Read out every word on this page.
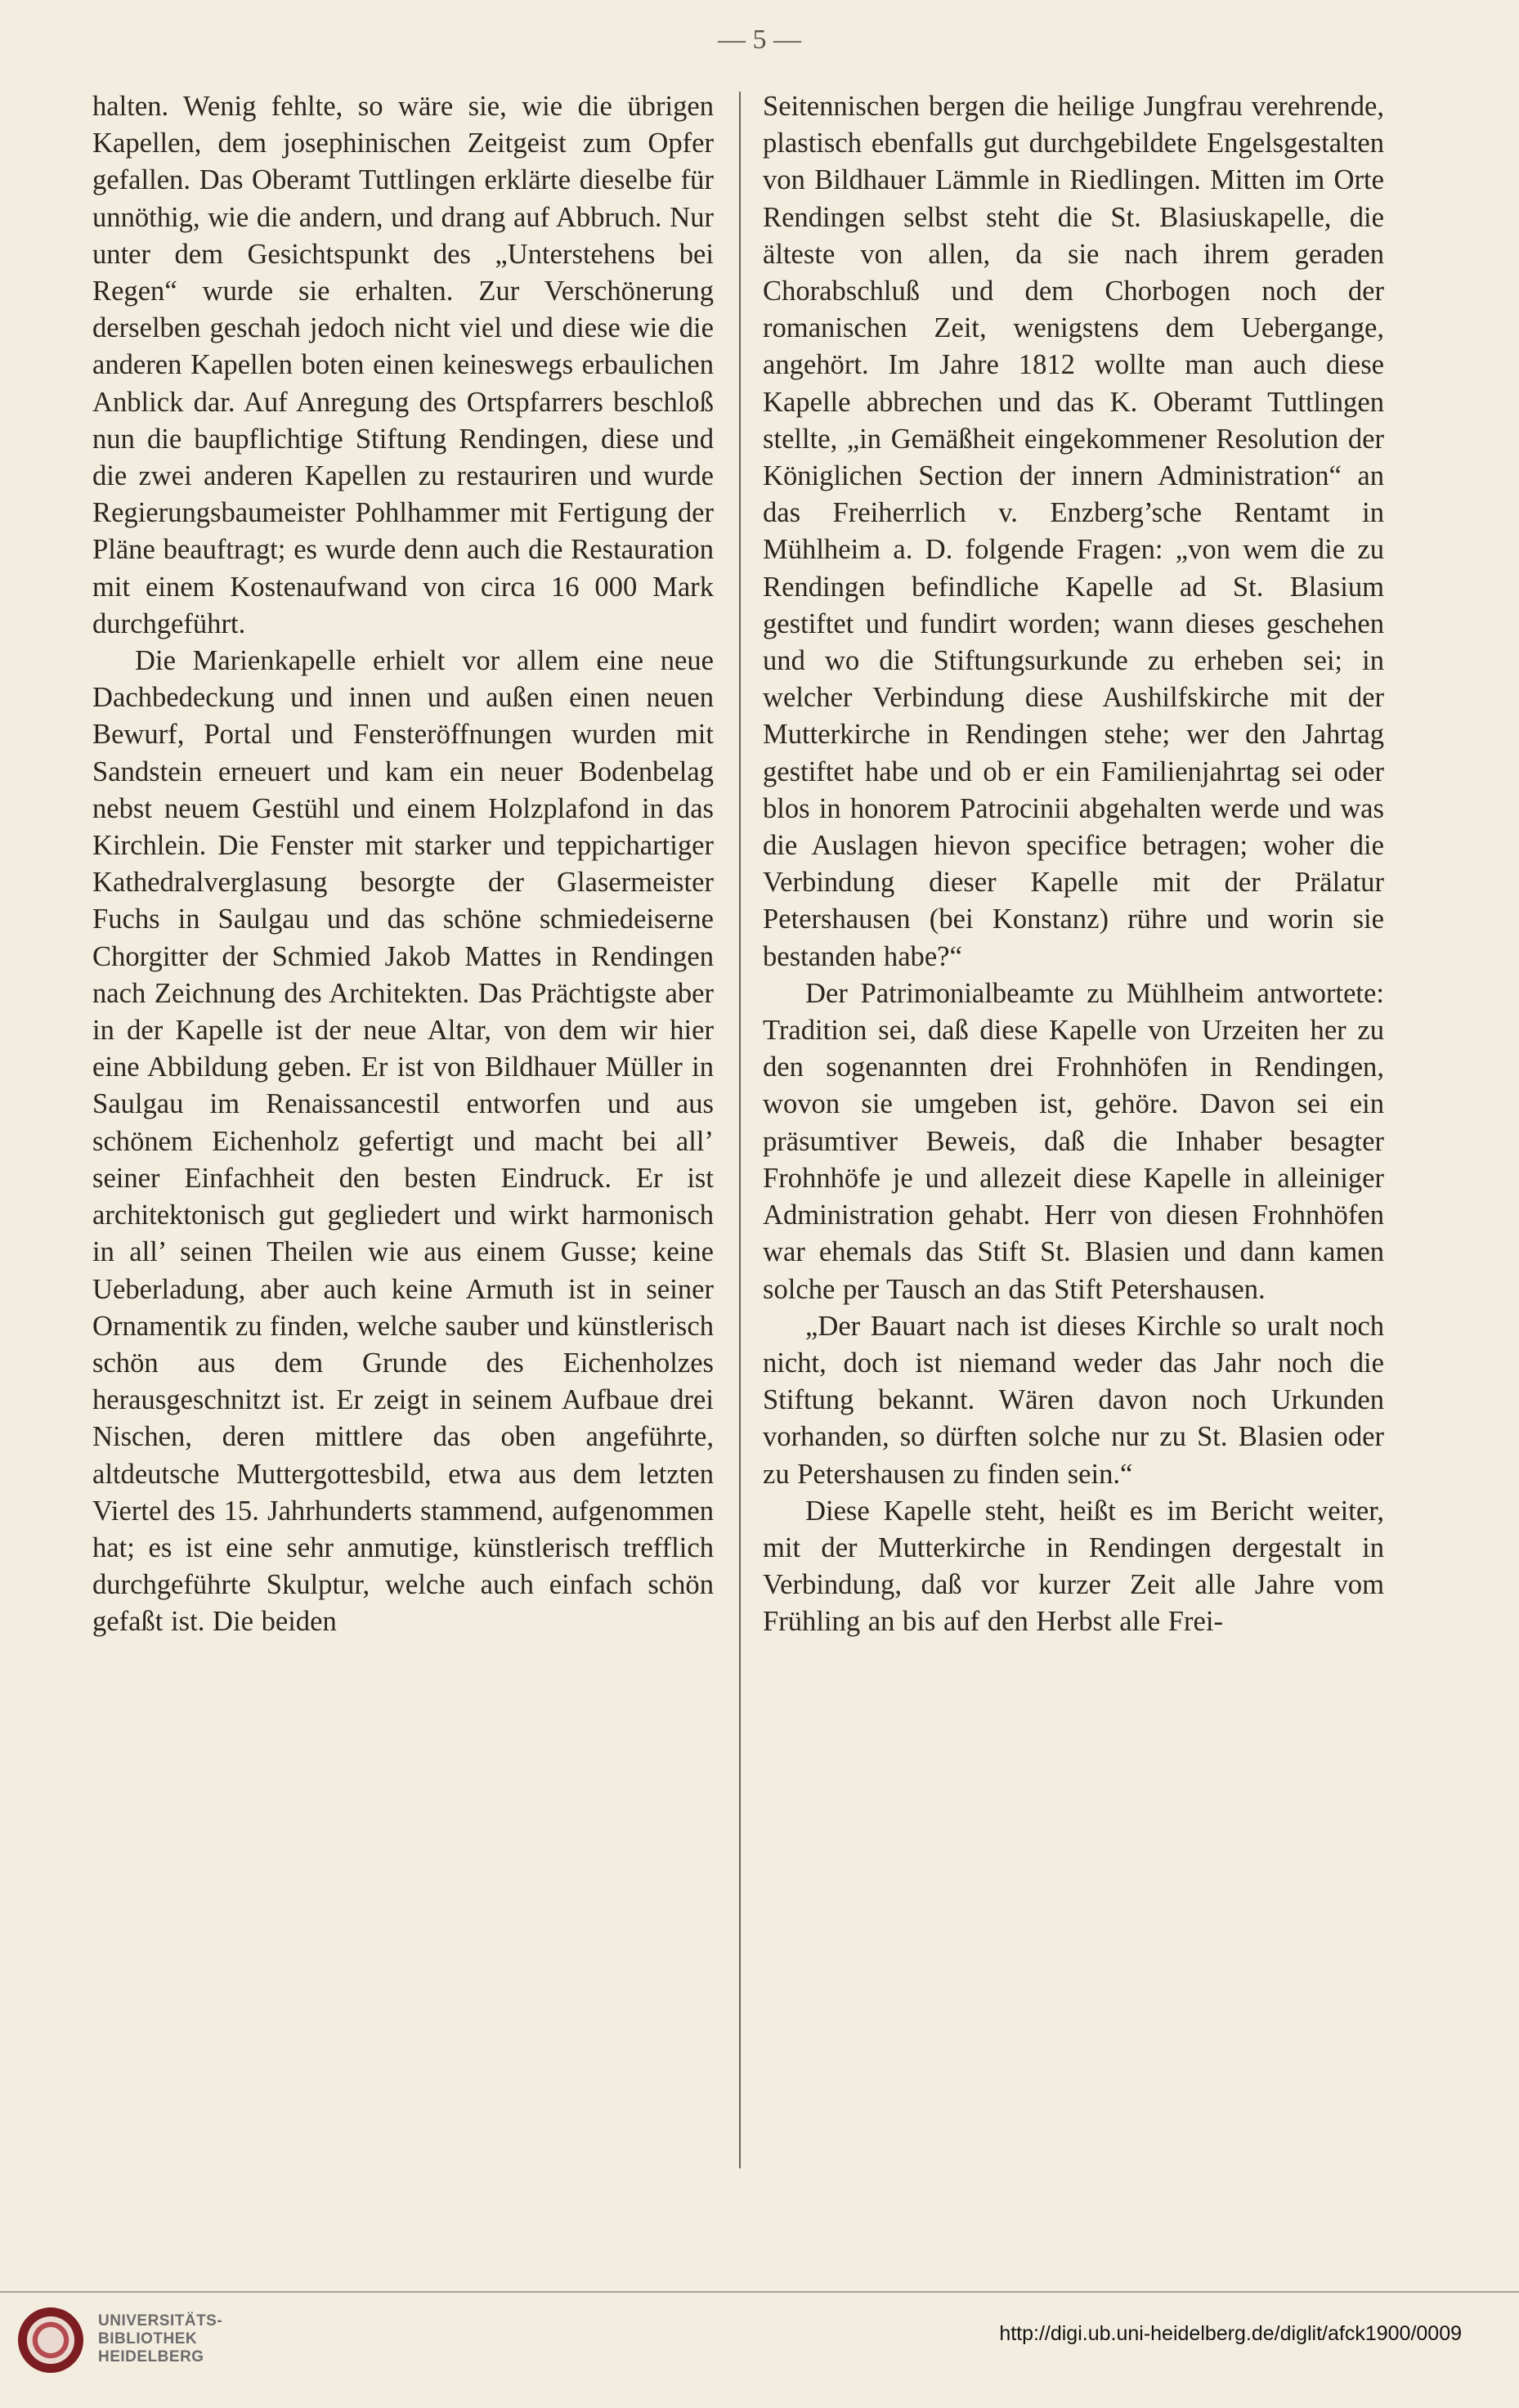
— 5 —

halten. Wenig fehlte, so wäre sie, wie die übrigen Kapellen, dem josephinischen Zeitgeist zum Opfer gefallen. Das Oberamt Tuttlingen erklärte dieselbe für unnöthig, wie die andern, und drang auf Abbruch. Nur unter dem Gesichtspunkt des „Unterstehens bei Regen“ wurde sie erhalten. Zur Verschönerung derselben geschah jedoch nicht viel und diese wie die anderen Kapellen boten einen keineswegs erbaulichen Anblick dar. Auf Anregung des Ortspfarrers beschloß nun die baupflichtige Stiftung Rendingen, diese und die zwei anderen Kapellen zu restauriren und wurde Regierungsbaumeister Pohlhammer mit Fertigung der Pläne beauftragt; es wurde denn auch die Restauration mit einem Kostenaufwand von circa 16 000 Mark durchgeführt.

Die Marienkapelle erhielt vor allem eine neue Dachbedeckung und innen und außen einen neuen Bewurf, Portal und Fensteröffnungen wurden mit Sandstein erneuert und kam ein neuer Bodenbelag nebst neuem Gestühl und einem Holzplafond in das Kirchlein. Die Fenster mit starker und teppichartiger Kathedralverglasung besorgte der Glasermeister Fuchs in Saulgau und das schöne schmiedeiserne Chorgitter der Schmied Jakob Mattes in Rendingen nach Zeichnung des Architekten. Das Prächtigste aber in der Kapelle ist der neue Altar, von dem wir hier eine Abbildung geben. Er ist von Bildhauer Müller in Saulgau im Renaissancestil entworfen und aus schönem Eichenholz gefertigt und macht bei all’ seiner Einfachheit den besten Eindruck. Er ist architektonisch gut gegliedert und wirkt harmonisch in all’ seinen Theilen wie aus einem Gusse; keine Ueberladung, aber auch keine Armuth ist in seiner Ornamentik zu finden, welche sauber und künstlerisch schön aus dem Grunde des Eichenholzes herausgeschnitzt ist. Er zeigt in seinem Aufbaue drei Nischen, deren mittlere das oben angeführte, altdeutsche Muttergottesbild, etwa aus dem letzten Viertel des 15. Jahrhunderts stammend, aufgenommen hat; es ist eine sehr anmutige, künstlerisch trefflich durchgeführte Skulptur, welche auch einfach schön gefaßt ist. Die beiden

Seitennischen bergen die heilige Jungfrau verehrende, plastisch ebenfalls gut durchgebildete Engelsgestalten von Bildhauer Lämmle in Riedlingen. Mitten im Orte Rendingen selbst steht die St. Blasiuskapelle, die älteste von allen, da sie nach ihrem geraden Chorabschluß und dem Chorbogen noch der romanischen Zeit, wenigstens dem Uebergange, angehört. Im Jahre 1812 wollte man auch diese Kapelle abbrechen und das K. Oberamt Tuttlingen stellte, „in Gemäßheit eingekommener Resolution der Königlichen Section der innern Administration“ an das Freiherrlich v. Enzberg’sche Rentamt in Mühlheim a. D. folgende Fragen: „von wem die zu Rendingen befindliche Kapelle ad St. Blasium gestiftet und fundirt worden; wann dieses geschehen und wo die Stiftungsurkunde zu erheben sei; in welcher Verbindung diese Aushilfskirche mit der Mutterkirche in Rendingen stehe; wer den Jahrtag gestiftet habe und ob er ein Familienjahrtag sei oder blos in honorem Patrocinii abgehalten werde und was die Auslagen hievon specifice betragen; woher die Verbindung dieser Kapelle mit der Prälatur Petershausen (bei Konstanz) rühre und worin sie bestanden habe?“

Der Patrimonialbeamte zu Mühlheim antwortete: Tradition sei, daß diese Kapelle von Urzeiten her zu den sogenannten drei Frohnhöfen in Rendingen, wovon sie umgeben ist, gehöre. Davon sei ein präsumtiver Beweis, daß die Inhaber besagter Frohnhöfe je und allezeit diese Kapelle in alleiniger Administration gehabt. Herr von diesen Frohnhöfen war ehemals das Stift St. Blasien und dann kamen solche per Tausch an das Stift Petershausen.

„Der Bauart nach ist dieses Kirchle so uralt noch nicht, doch ist niemand weder das Jahr noch die Stiftung bekannt. Wären davon noch Urkunden vorhanden, so dürften solche nur zu St. Blasien oder zu Petershausen zu finden sein.“

Diese Kapelle steht, heißt es im Bericht weiter, mit der Mutterkirche in Rendingen dergestalt in Verbindung, daß vor kurzer Zeit alle Jahre vom Frühling an bis auf den Herbst alle Frei-

UNIVERSITÄTS-
BIBLIOTHEK
HEIDELBERG
http://digi.ub.uni-heidelberg.de/diglit/afck1900/0009
